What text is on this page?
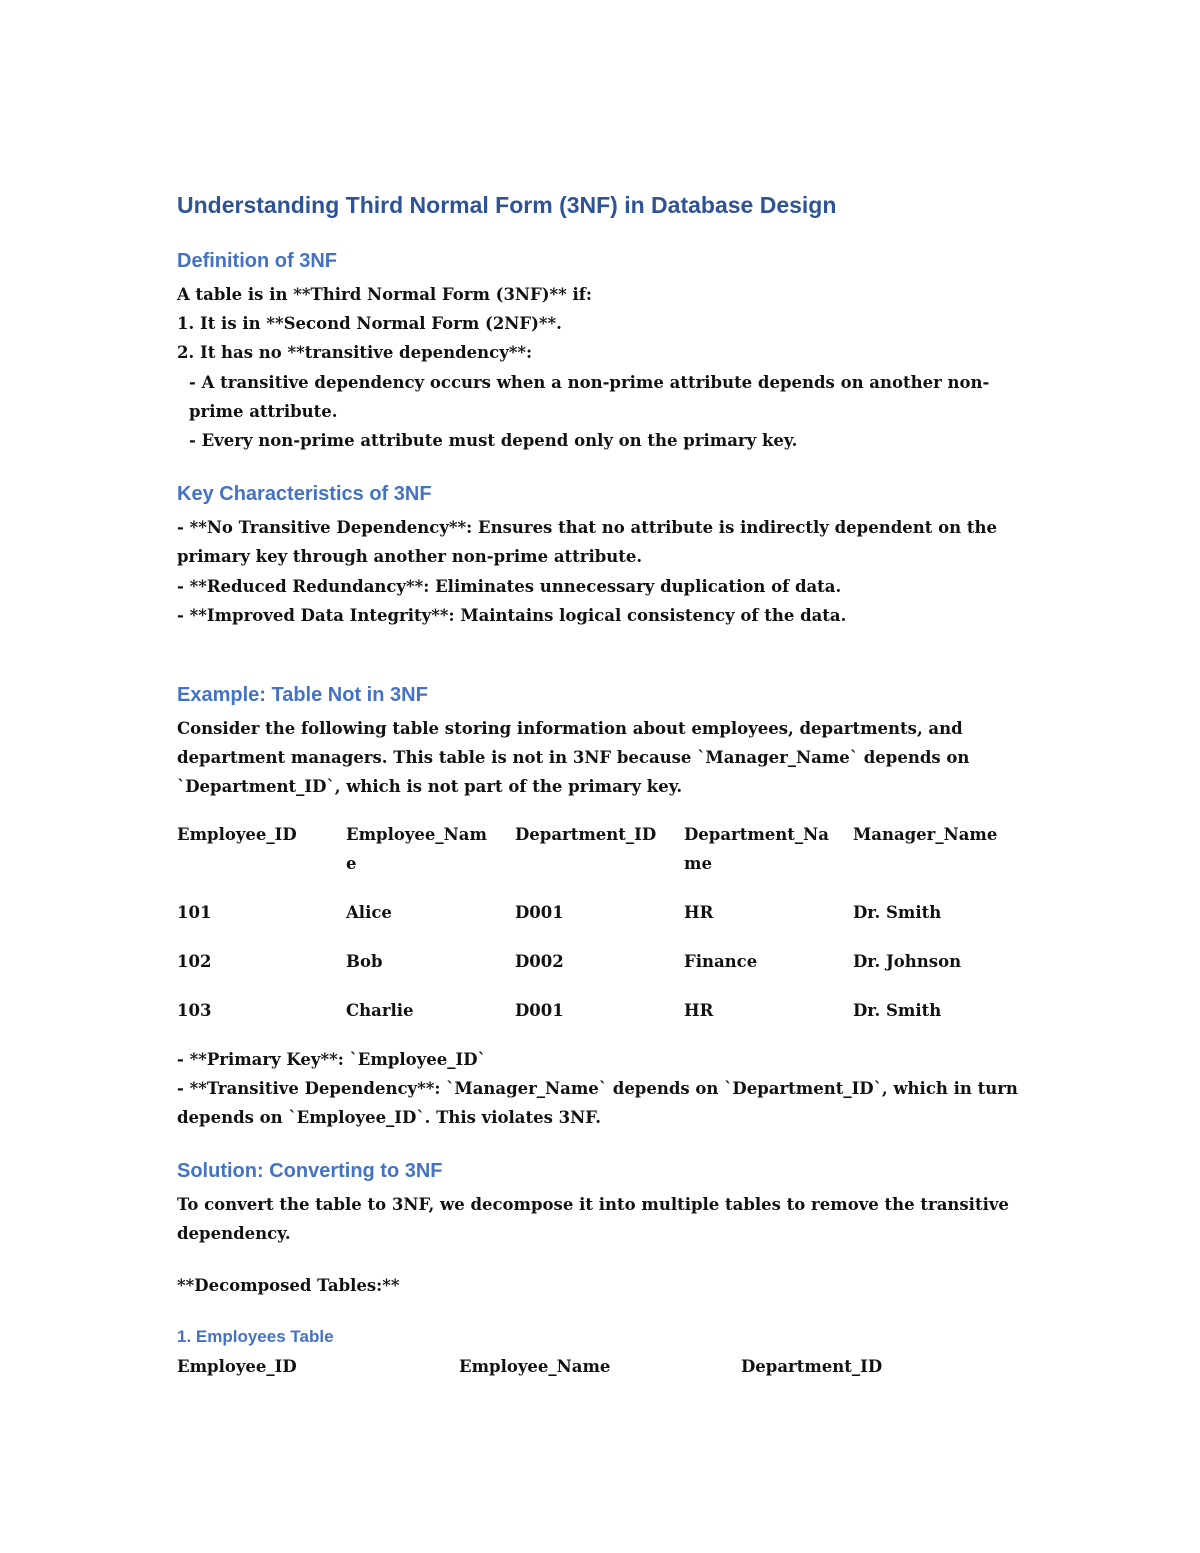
Understanding Third Normal Form (3NF) in Database Design
Definition of 3NF

A table is in **Third Normal Form (3NF)** if:

1. It is in **Second Normal Form (2NF)**.

2. It has no **transitive dependency**:

- A transitive dependency occurs when a non-prime attribute depends on another non-prime attribute.

- Every non-prime attribute must depend only on the primary key.

Key Characteristics of 3NF

- **No Transitive Dependency**: Ensures that no attribute is indirectly dependent on the primary key through another non-prime attribute.

- **Reduced Redundancy**: Eliminates unnecessary duplication of data.

- **Improved Data Integrity**: Maintains logical consistency of the data.

Example: Table Not in 3NF

Consider the following table storing information about employees, departments, and department managers. This table is not in 3NF because `Manager_Name` depends on `Department_ID`, which is not part of the primary key.

Employee_ID	Employee_Name	Department_ID	Department_Name	Manager_Name
101	Alice	D001	HR	Dr. Smith
102	Bob	D002	Finance	Dr. Johnson
103	Charlie	D001	HR	Dr. Smith

- **Primary Key**: `Employee_ID`

- **Transitive Dependency**: `Manager_Name` depends on `Department_ID`, which in turn depends on `Employee_ID`. This violates 3NF.

Solution: Converting to 3NF

To convert the table to 3NF, we decompose it into multiple tables to remove the transitive dependency.

**Decomposed Tables:**

1. Employees Table
Employee_ID	Employee_Name	Department_ID
